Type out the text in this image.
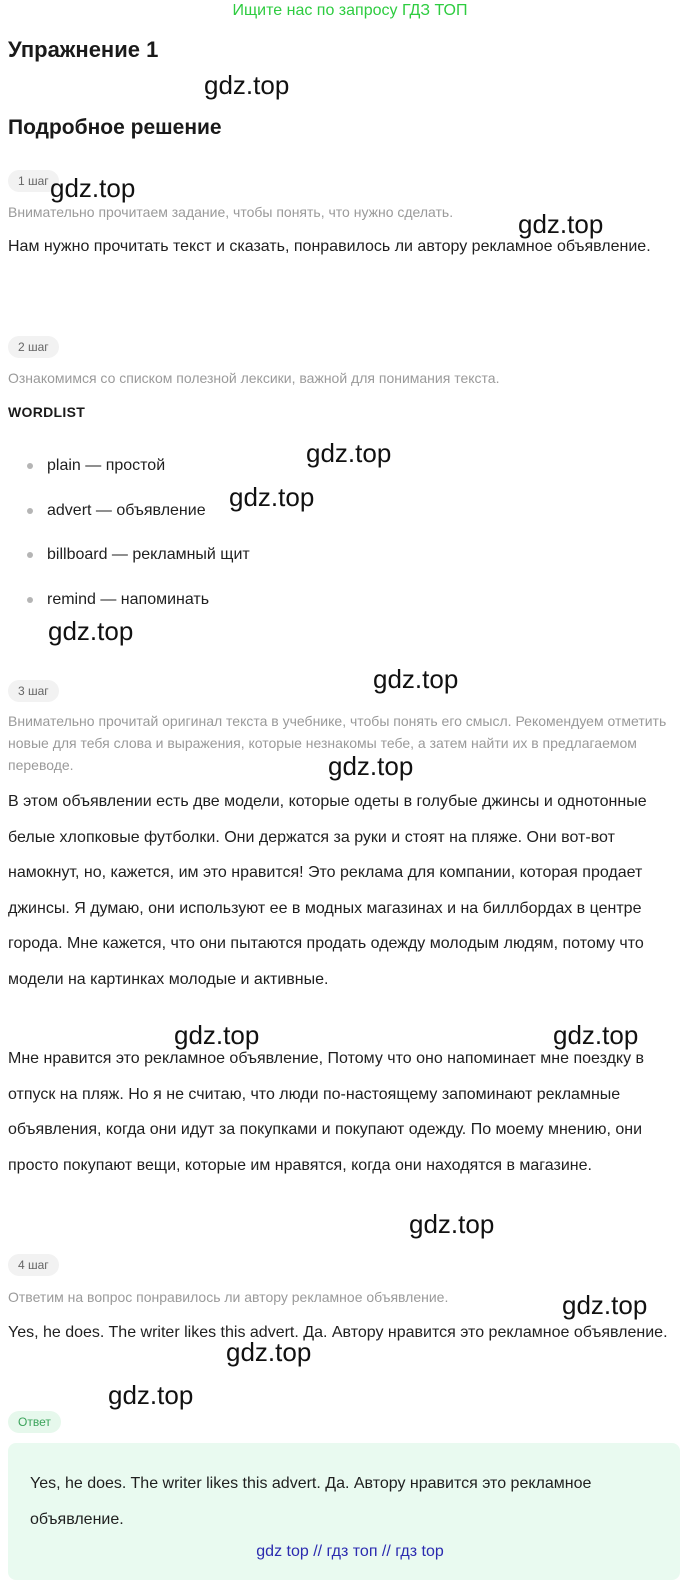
Ищите нас по запросу ГДЗ ТОП
Упражнение 1
Подробное решение
1 шаг
Внимательно прочитаем задание, чтобы понять, что нужно сделать.
Нам нужно прочитать текст и сказать, понравилось ли автору рекламное объявление.
2 шаг
Ознакомимся со списком полезной лексики, важной для понимания текста.
WORDLIST
plain — простой
advert — объявление
billboard — рекламный щит
remind — напоминать
3 шаг
Внимательно прочитай оригинал текста в учебнике, чтобы понять его смысл. Рекомендуем отметить новые для тебя слова и выражения, которые незнакомы тебе, а затем найти их в предлагаемом переводе.
В этом объявлении есть две модели, которые одеты в голубые джинсы и однотонные белые хлопковые футболки. Они держатся за руки и стоят на пляже. Они вот-вот намокнут, но, кажется, им это нравится! Это реклама для компании, которая продает джинсы. Я думаю, они используют ее в модных магазинах и на биллбордах в центре города. Мне кажется, что они пытаются продать одежду молодым людям, потому что модели на картинках молодые и активные.
Мне нравится это рекламное объявление, Потому что оно напоминает мне поездку в отпуск на пляж. Но я не считаю, что люди по-настоящему запоминают рекламные объявления, когда они идут за покупками и покупают одежду. По моему мнению, они просто покупают вещи, которые им нравятся, когда они находятся в магазине.
4 шаг
Ответим на вопрос понравилось ли автору рекламное объявление.
Yes, he does. The writer likes this advert. Да. Автору нравится это рекламное объявление.
Ответ
Yes, he does. The writer likes this advert. Да. Автору нравится это рекламное объявление.
gdz.top
gdz.top
gdz.top
gdz.top
gdz.top
gdz.top
gdz.top
gdz.top
gdz.top	gdz.top
gdz.top
gdz.top
gdz.top
gdz.top
gdz top // гдз топ // гдз top
